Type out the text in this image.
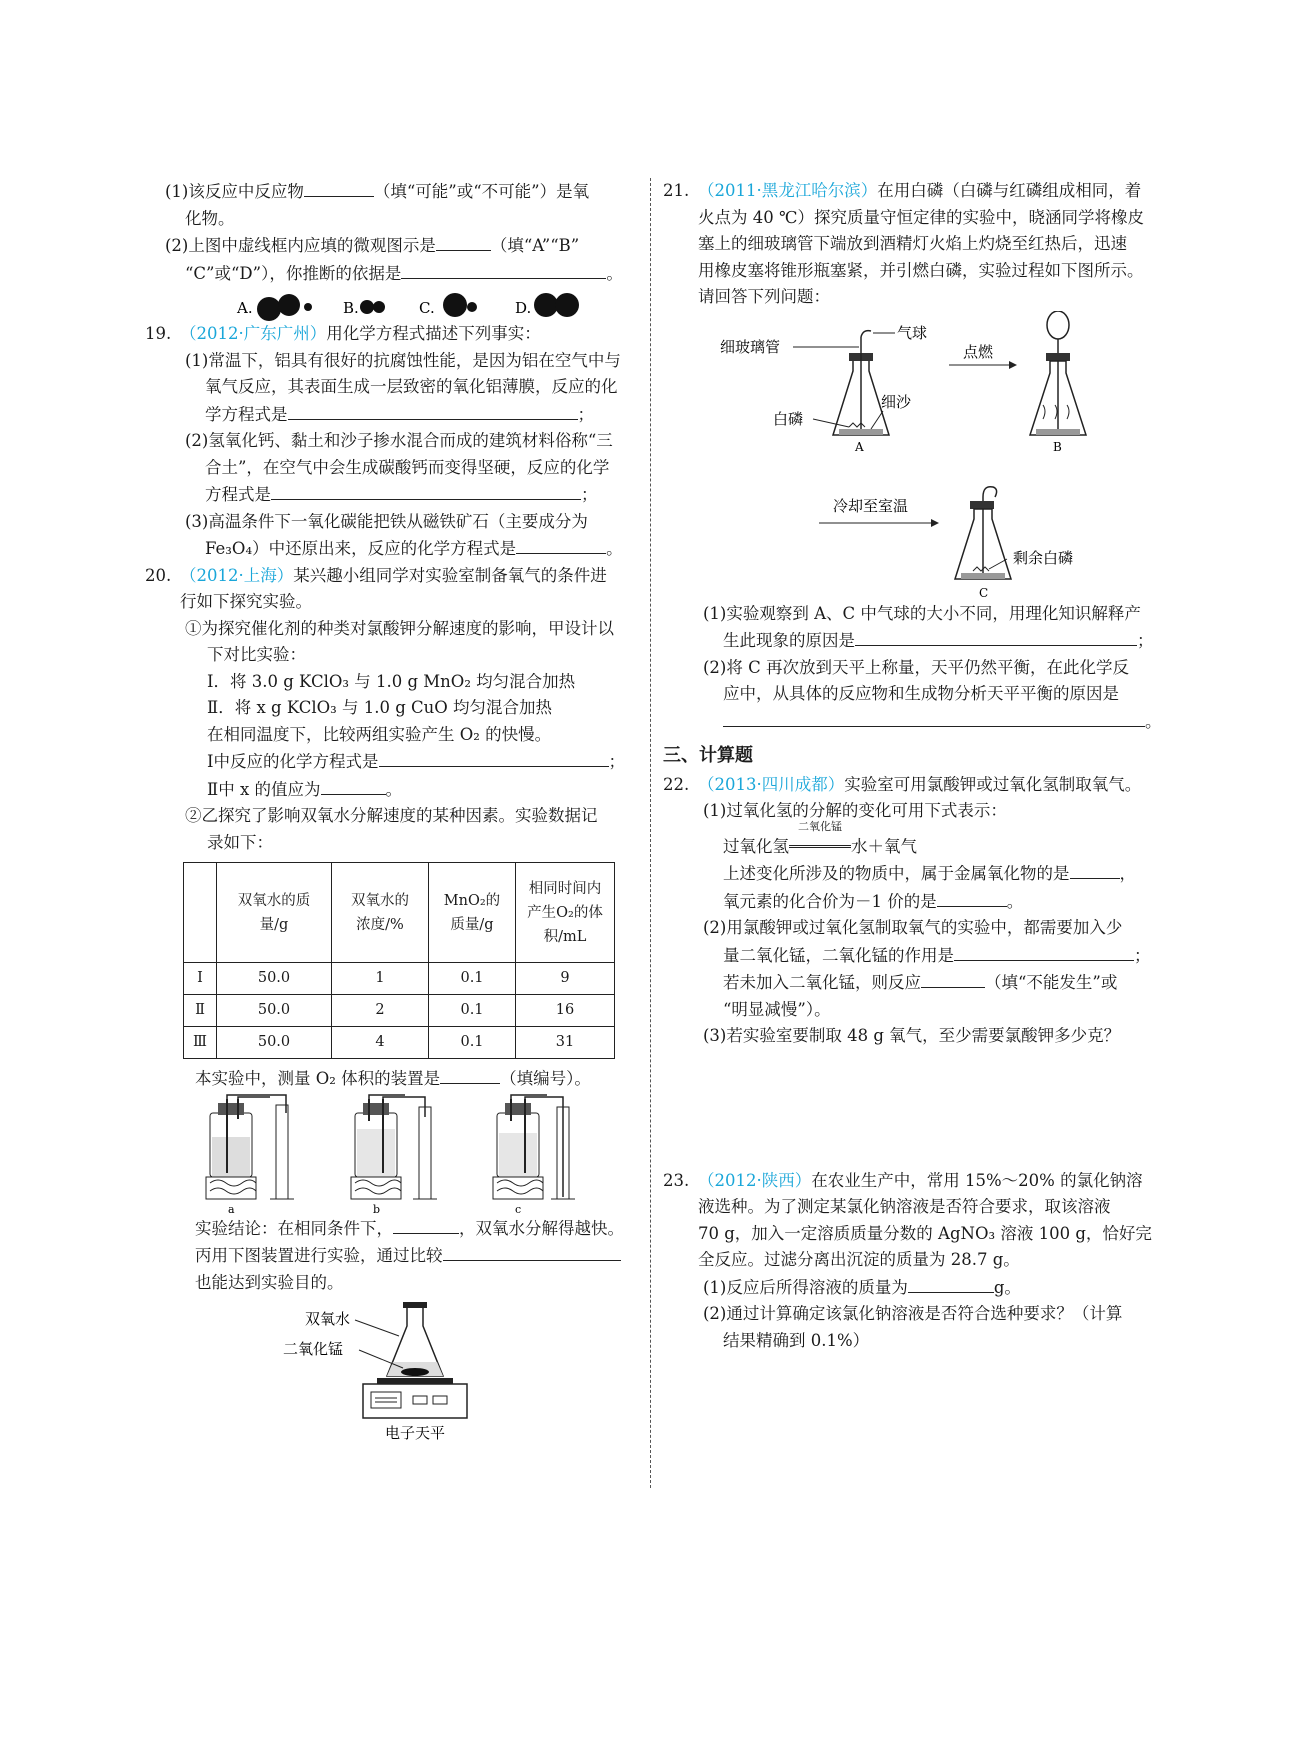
(1)该反应中反应物	（填“可能”或“不可能”）是氧

化物。

(2)上图中虚线框内应填的微观图示是	（填“A”“B”

“C”或“D”），你推断的依据是	。

A.	B.	C.	D.

19. （2012·广东广州）用化学方程式描述下列事实：

(1)常温下，铝具有很好的抗腐蚀性能，是因为铝在空气中与

氧气反应，其表面生成一层致密的氧化铝薄膜，反应的化

学方程式是	；

(2)氢氧化钙、黏土和沙子掺水混合而成的建筑材料俗称“三

合土”，在空气中会生成碳酸钙而变得坚硬，反应的化学

方程式是	；

(3)高温条件下一氧化碳能把铁从磁铁矿石（主要成分为

Fe₃O₄）中还原出来，反应的化学方程式是	。

20. （2012·上海）某兴趣小组同学对实验室制备氧气的条件进

行如下探究实验。

①为探究催化剂的种类对氯酸钾分解速度的影响，甲设计以

下对比实验：

Ⅰ．将 3.0 g KClO₃ 与 1.0 g MnO₂ 均匀混合加热

Ⅱ．将 x g KClO₃ 与 1.0 g CuO 均匀混合加热

在相同温度下，比较两组实验产生 O₂ 的快慢。

Ⅰ中反应的化学方程式是	；

Ⅱ中 x 的值应为	。

②乙探究了影响双氧水分解速度的某种因素。实验数据记

录如下：

	双氧水的质量/g	双氧水的浓度/%	MnO₂的质量/g	相同时间内产生O₂的体积/mL
Ⅰ	50.0	1	0.1	9
Ⅱ	50.0	2	0.1	16
Ⅲ	50.0	4	0.1	31

本实验中，测量 O₂ 体积的装置是	（填编号）。

a	b	c

实验结论：在相同条件下，	，双氧水分解得越快。

丙用下图装置进行实验，通过比较

也能达到实验目的。

双氧水
二氧化锰
电子天平

21. （2011·黑龙江哈尔滨）在用白磷（白磷与红磷组成相同，着

火点为 40 ℃）探究质量守恒定律的实验中，晓涵同学将橡皮

塞上的细玻璃管下端放到酒精灯火焰上灼烧至红热后，迅速

用橡皮塞将锥形瓶塞紧，并引燃白磷，实验过程如下图所示。

请回答下列问题：

细玻璃管
气球
细沙
白磷
A
点燃
B
冷却至室温
剩余白磷
C

(1)实验观察到 A、C 中气球的大小不同，用理化知识解释产

生此现象的原因是	；

(2)将 C 再次放到天平上称量，天平仍然平衡，在此化学反

应中，从具体的反应物和生成物分析天平平衡的原因是

。

三、计算题

22. （2013·四川成都）实验室可用氯酸钾或过氧化氢制取氧气。

(1)过氧化氢的分解的变化可用下式表示：

过氧化氢
二氧化锰
水＋氧气

上述变化所涉及的物质中，属于金属氧化物的是	，

氧元素的化合价为－1 价的是	。

(2)用氯酸钾或过氧化氢制取氧气的实验中，都需要加入少

量二氧化锰，二氧化锰的作用是	；

若未加入二氧化锰，则反应	（填“不能发生”或

“明显减慢”）。

(3)若实验室要制取 48 g 氧气，至少需要氯酸钾多少克？

23. （2012·陕西）在农业生产中，常用 15%～20% 的氯化钠溶

液选种。为了测定某氯化钠溶液是否符合要求，取该溶液

70 g，加入一定溶质质量分数的 AgNO₃ 溶液 100 g，恰好完

全反应。过滤分离出沉淀的质量为 28.7 g。

(1)反应后所得溶液的质量为	g。

(2)通过计算确定该氯化钠溶液是否符合选种要求？（计算

结果精确到 0.1%）
